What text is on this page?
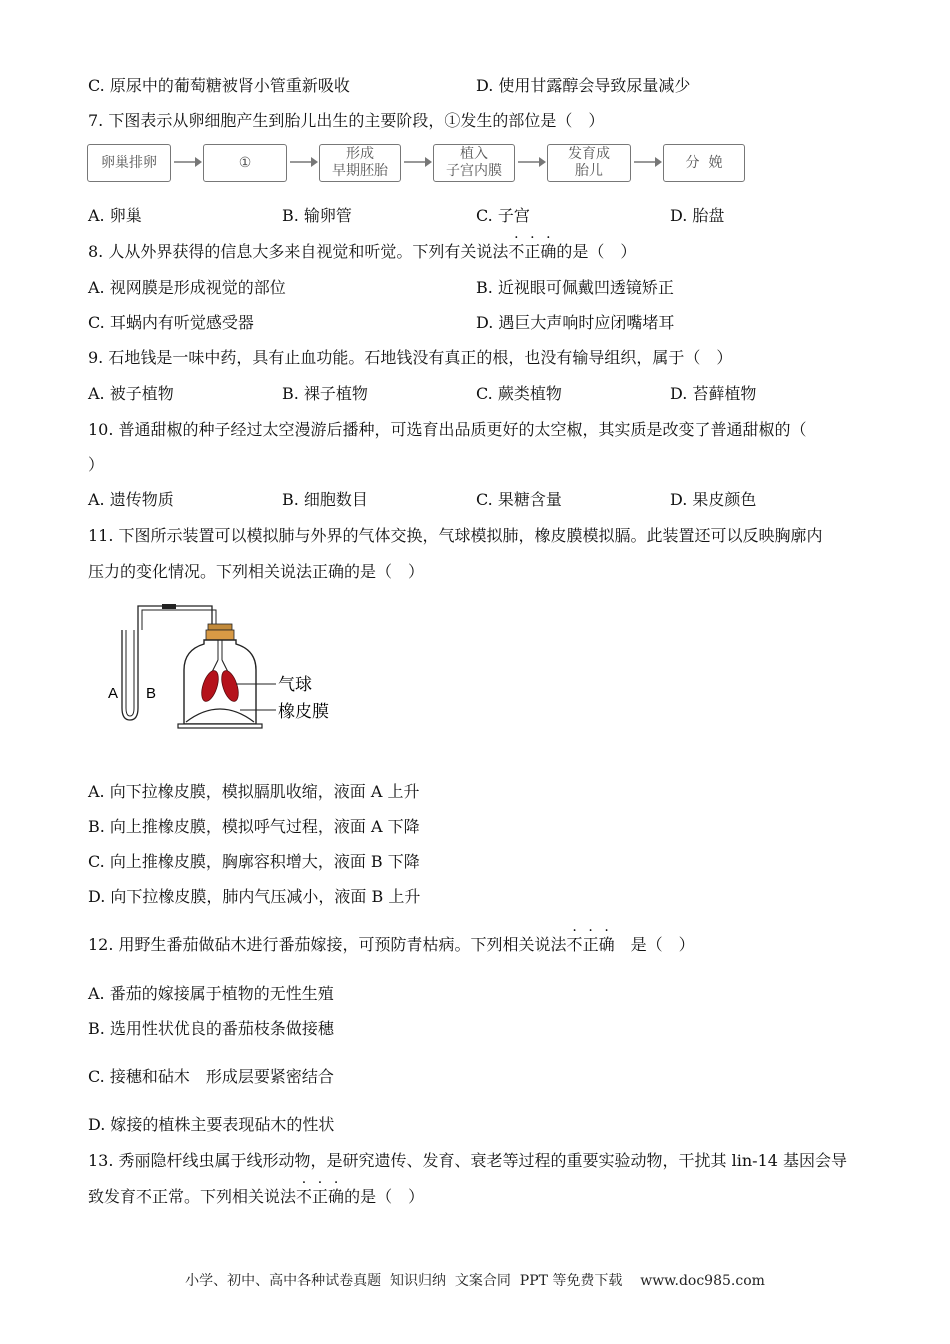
C. 原尿中的葡萄糖被肾小管重新吸收	D. 使用甘露醇会导致尿量减少
7. 下图表示从卵细胞产生到胎儿出生的主要阶段，①发生的部位是（　）
卵巢排卵	①
形成
早期胚胎
植入
子宫内膜
发育成
胎儿
分  娩
A. 卵巢	B. 输卵管	C. 子宫	D. 胎盘
8. 人从外界获得的信息大多来自视觉和听觉。下列有关说法不正确的是（　）
A. 视网膜是形成视觉的部位	B. 近视眼可佩戴凹透镜矫正
C. 耳蜗内有听觉感受器	D. 遇巨大声响时应闭嘴堵耳
9. 石地钱是一味中药，具有止血功能。石地钱没有真正的根，也没有输导组织，属于（　）
A. 被子植物	B. 裸子植物	C. 蕨类植物	D. 苔藓植物
10. 普通甜椒的种子经过太空漫游后播种，可选育出品质更好的太空椒，其实质是改变了普通甜椒的（
）
A. 遗传物质	B. 细胞数目	C. 果糖含量	D. 果皮颜色
11. 下图所示装置可以模拟肺与外界的气体交换，气球模拟肺，橡皮膜模拟膈。此装置还可以反映胸廓内
压力的变化情况。下列相关说法正确的是（　）
A B	气球
橡皮膜
A. 向下拉橡皮膜，模拟膈肌收缩，液面 A 上升
B. 向上推橡皮膜，模拟呼气过程，液面 A 下降
C. 向上推橡皮膜，胸廓容积增大，液面 B 下降
D. 向下拉橡皮膜，肺内气压减小，液面 B 上升
12. 用野生番茄做砧木进行番茄嫁接，可预防青枯病。下列相关说法不正确　是（　）
A. 番茄的嫁接属于植物的无性生殖
B. 选用性状优良的番茄枝条做接穗
C. 接穗和砧木　形成层要紧密结合
D. 嫁接的植株主要表现砧木的性状
13. 秀丽隐杆线虫属于线形动物，是研究遗传、发育、衰老等过程的重要实验动物，干扰其 lin-14 基因会导
致发育不正常。下列相关说法不正确的是（　）
小学、初中、高中各种试卷真题  知识归纳  文案合同  PPT 等免费下载    www.doc985.com
